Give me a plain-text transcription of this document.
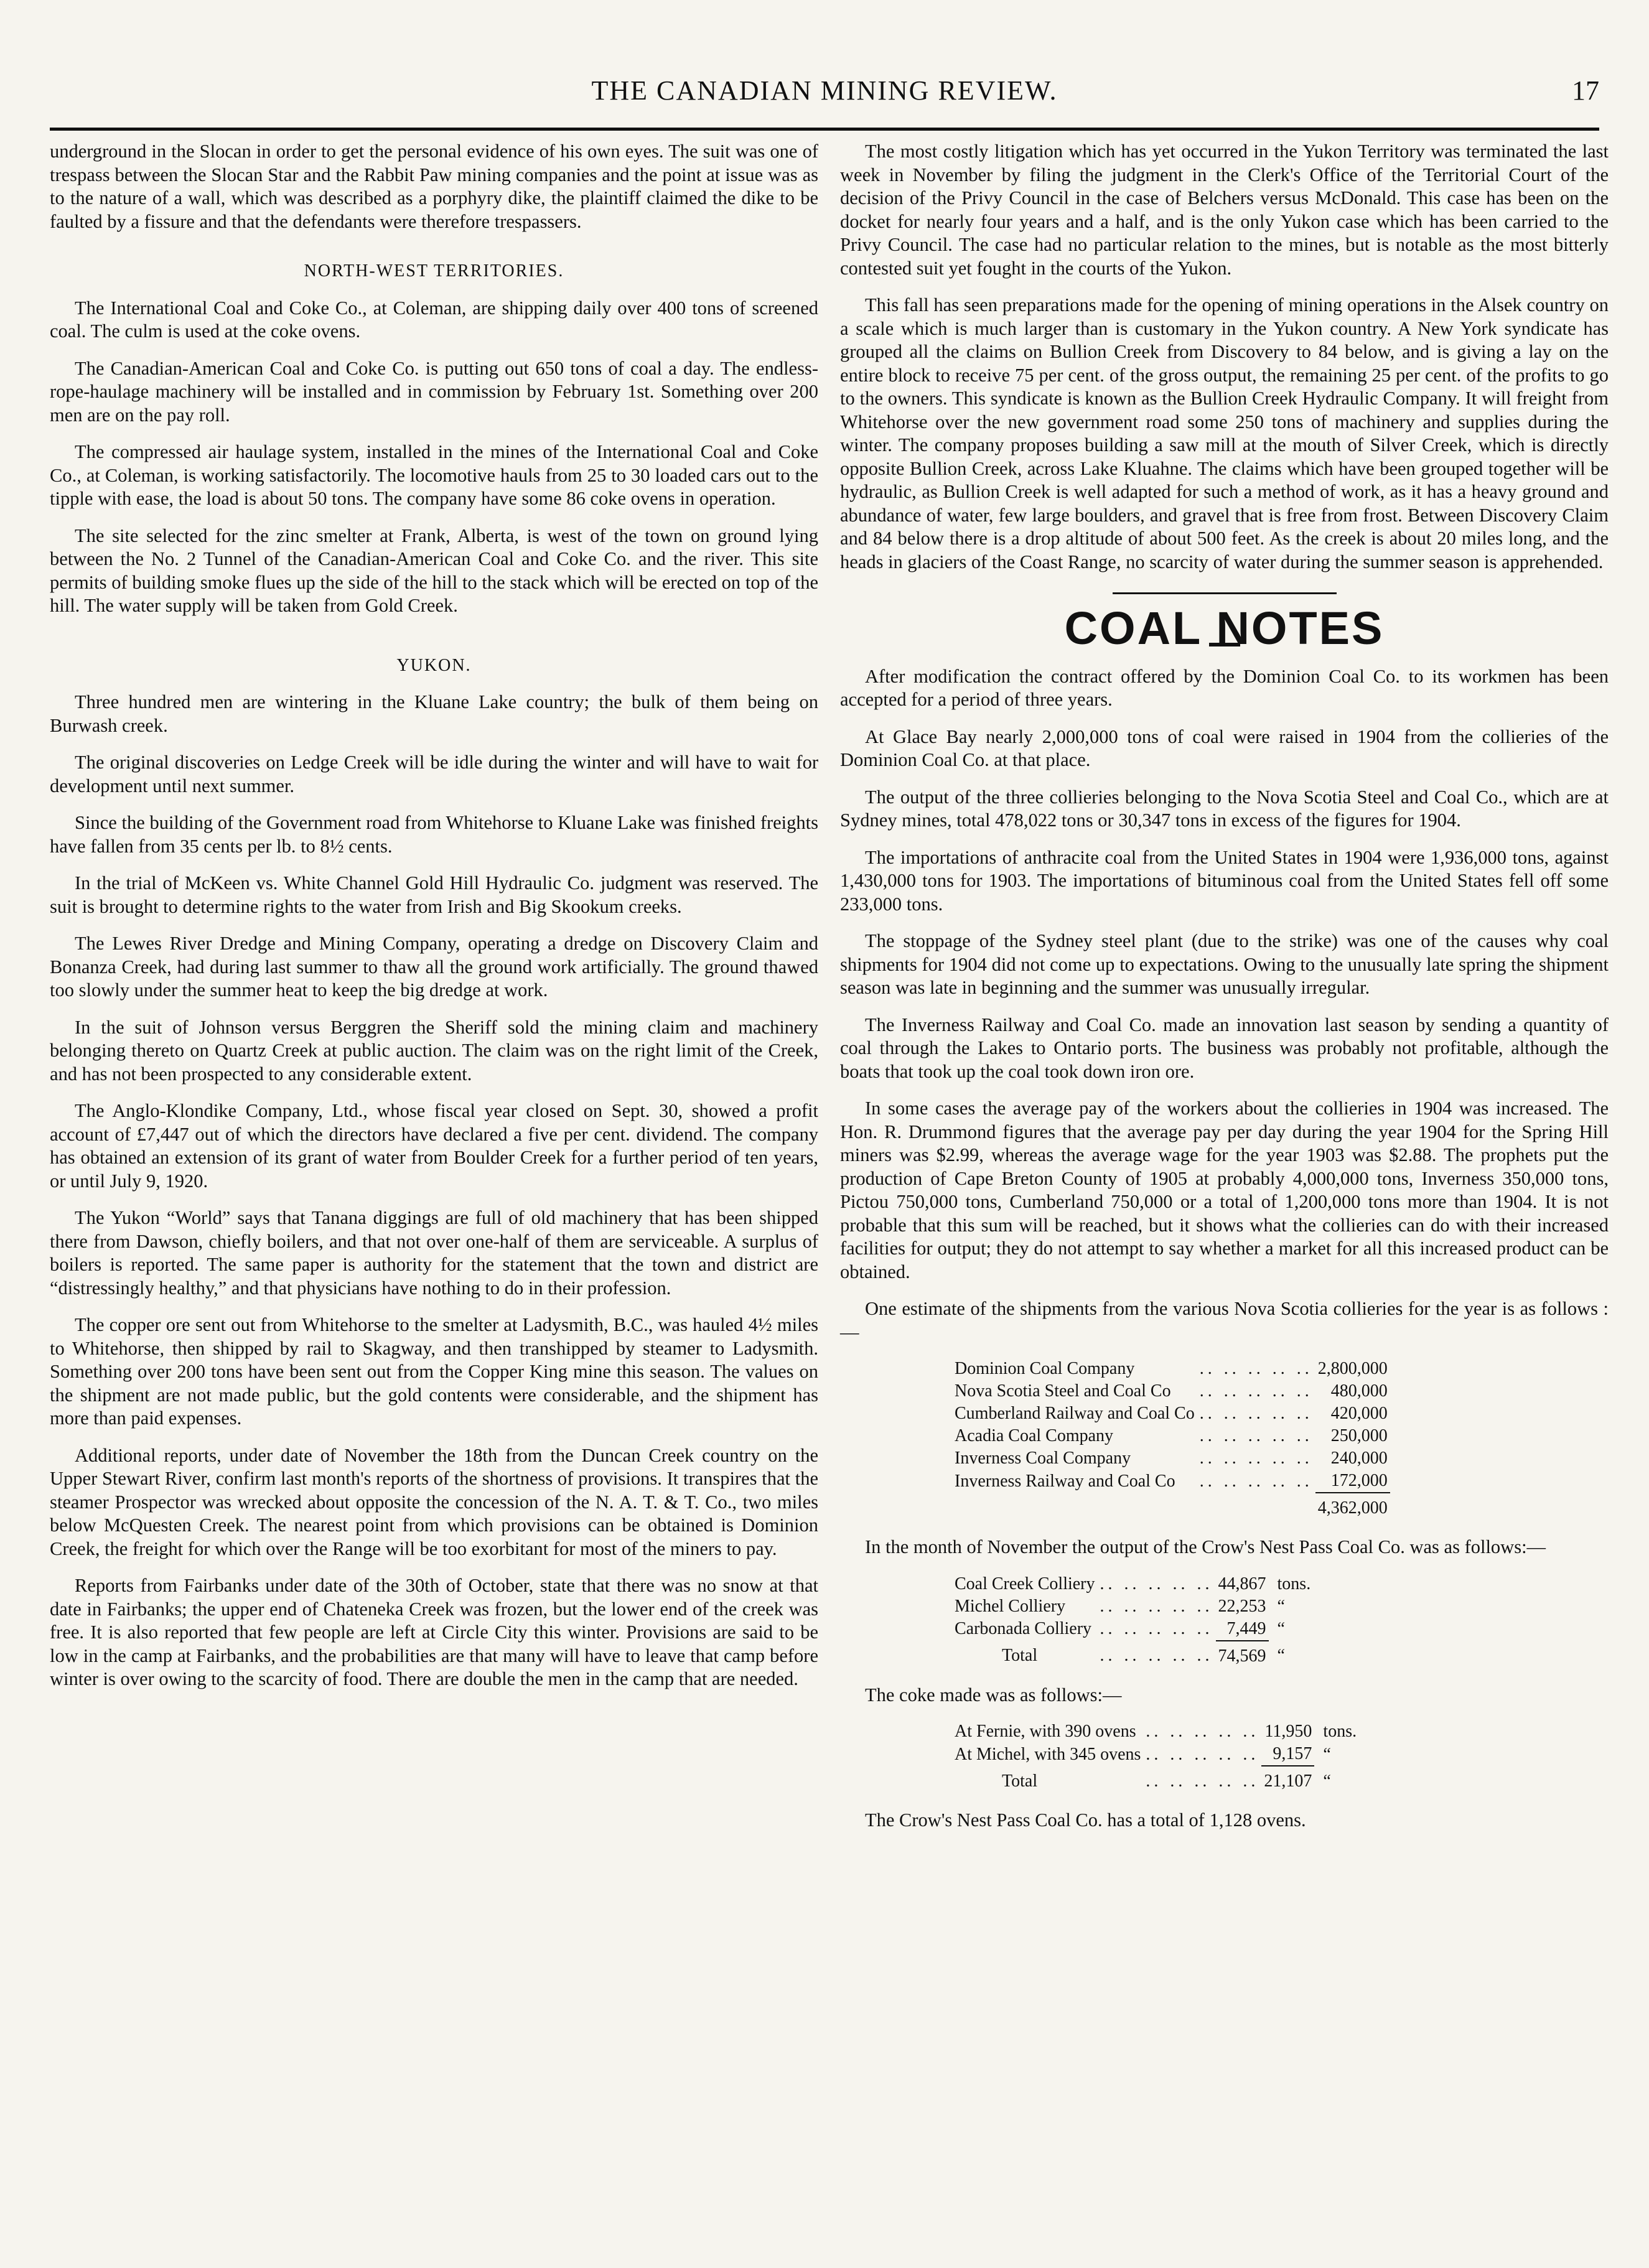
THE CANADIAN MINING REVIEW.	17

underground in the Slocan in order to get the personal evidence of his own eyes. The suit was one of trespass between the Slocan Star and the Rabbit Paw mining companies and the point at issue was as to the nature of a wall, which was described as a porphyry dike, the plaintiff claimed the dike to be faulted by a fissure and that the defendants were therefore trespassers.

NORTH-WEST TERRITORIES.

The International Coal and Coke Co., at Coleman, are shipping daily over 400 tons of screened coal. The culm is used at the coke ovens.

The Canadian-American Coal and Coke Co. is putting out 650 tons of coal a day. The endless-rope-haulage machinery will be installed and in commission by February 1st. Something over 200 men are on the pay roll.

The compressed air haulage system, installed in the mines of the International Coal and Coke Co., at Coleman, is working satisfactorily. The locomotive hauls from 25 to 30 loaded cars out to the tipple with ease, the load is about 50 tons. The company have some 86 coke ovens in operation.

The site selected for the zinc smelter at Frank, Alberta, is west of the town on ground lying between the No. 2 Tunnel of the Canadian-American Coal and Coke Co. and the river. This site permits of building smoke flues up the side of the hill to the stack which will be erected on top of the hill. The water supply will be taken from Gold Creek.

YUKON.

Three hundred men are wintering in the Kluane Lake country; the bulk of them being on Burwash creek.

The original discoveries on Ledge Creek will be idle during the winter and will have to wait for development until next summer.

Since the building of the Government road from Whitehorse to Kluane Lake was finished freights have fallen from 35 cents per lb. to 8½ cents.

In the trial of McKeen vs. White Channel Gold Hill Hydraulic Co. judgment was reserved. The suit is brought to determine rights to the water from Irish and Big Skookum creeks.

The Lewes River Dredge and Mining Company, operating a dredge on Discovery Claim and Bonanza Creek, had during last summer to thaw all the ground work artificially. The ground thawed too slowly under the summer heat to keep the big dredge at work.

In the suit of Johnson versus Berggren the Sheriff sold the mining claim and machinery belonging thereto on Quartz Creek at public auction. The claim was on the right limit of the Creek, and has not been prospected to any considerable extent.

The Anglo-Klondike Company, Ltd., whose fiscal year closed on Sept. 30, showed a profit account of £7,447 out of which the directors have declared a five per cent. dividend. The company has obtained an extension of its grant of water from Boulder Creek for a further period of ten years, or until July 9, 1920.

The Yukon “World” says that Tanana diggings are full of old machinery that has been shipped there from Dawson, chiefly boilers, and that not over one-half of them are serviceable. A surplus of boilers is reported. The same paper is authority for the statement that the town and district are “distressingly healthy,” and that physicians have nothing to do in their profession.

The copper ore sent out from Whitehorse to the smelter at Ladysmith, B.C., was hauled 4½ miles to Whitehorse, then shipped by rail to Skagway, and then transhipped by steamer to Ladysmith. Something over 200 tons have been sent out from the Copper King mine this season. The values on the shipment are not made public, but the gold contents were considerable, and the shipment has more than paid expenses.

Additional reports, under date of November the 18th from the Duncan Creek country on the Upper Stewart River, confirm last month's reports of the shortness of provisions. It transpires that the steamer Prospector was wrecked about opposite the concession of the N. A. T. & T. Co., two miles below McQuesten Creek. The nearest point from which provisions can be obtained is Dominion Creek, the freight for which over the Range will be too exorbitant for most of the miners to pay.

Reports from Fairbanks under date of the 30th of October, state that there was no snow at that date in Fairbanks; the upper end of Chateneka Creek was frozen, but the lower end of the creek was free. It is also reported that few people are left at Circle City this winter. Provisions are said to be low in the camp at Fairbanks, and the probabilities are that many will have to leave that camp before winter is over owing to the scarcity of food. There are double the men in the camp that are needed.

The most costly litigation which has yet occurred in the Yukon Territory was terminated the last week in November by filing the judgment in the Clerk's Office of the Territorial Court of the decision of the Privy Council in the case of Belchers versus McDonald. This case has been on the docket for nearly four years and a half, and is the only Yukon case which has been carried to the Privy Council. The case had no particular relation to the mines, but is notable as the most bitterly contested suit yet fought in the courts of the Yukon.

This fall has seen preparations made for the opening of mining operations in the Alsek country on a scale which is much larger than is customary in the Yukon country. A New York syndicate has grouped all the claims on Bullion Creek from Discovery to 84 below, and is giving a lay on the entire block to receive 75 per cent. of the gross output, the remaining 25 per cent. of the profits to go to the owners. This syndicate is known as the Bullion Creek Hydraulic Company. It will freight from Whitehorse over the new government road some 250 tons of machinery and supplies during the winter. The company proposes building a saw mill at the mouth of Silver Creek, which is directly opposite Bullion Creek, across Lake Kluahne. The claims which have been grouped together will be hydraulic, as Bullion Creek is well adapted for such a method of work, as it has a heavy ground and abundance of water, few large boulders, and gravel that is free from frost. Between Discovery Claim and 84 below there is a drop altitude of about 500 feet. As the creek is about 20 miles long, and the heads in glaciers of the Coast Range, no scarcity of water during the summer season is apprehended.

COAL NOTES

After modification the contract offered by the Dominion Coal Co. to its workmen has been accepted for a period of three years.

At Glace Bay nearly 2,000,000 tons of coal were raised in 1904 from the collieries of the Dominion Coal Co. at that place.

The output of the three collieries belonging to the Nova Scotia Steel and Coal Co., which are at Sydney mines, total 478,022 tons or 30,347 tons in excess of the figures for 1904.

The importations of anthracite coal from the United States in 1904 were 1,936,000 tons, against 1,430,000 tons for 1903. The importations of bituminous coal from the United States fell off some 233,000 tons.

The stoppage of the Sydney steel plant (due to the strike) was one of the causes why coal shipments for 1904 did not come up to expectations. Owing to the unusually late spring the shipment season was late in beginning and the summer was unusually irregular.

The Inverness Railway and Coal Co. made an innovation last season by sending a quantity of coal through the Lakes to Ontario ports. The business was probably not profitable, although the boats that took up the coal took down iron ore.

In some cases the average pay of the workers about the collieries in 1904 was increased. The Hon. R. Drummond figures that the average pay per day during the year 1904 for the Spring Hill miners was $2.99, whereas the average wage for the year 1903 was $2.88. The prophets put the production of Cape Breton County of 1905 at probably 4,000,000 tons, Inverness 350,000 tons, Pictou 750,000 tons, Cumberland 750,000 or a total of 1,200,000 tons more than 1904. It is not probable that this sum will be reached, but it shows what the collieries can do with their increased facilities for output; they do not attempt to say whether a market for all this increased product can be obtained.

One estimate of the shipments from the various Nova Scotia collieries for the year is as follows :—

Dominion Coal Company	.. .. .. .. ..	2,800,000
Nova Scotia Steel and Coal Co	.. .. .. .. ..	480,000
Cumberland Railway and Coal Co	.. .. .. .. ..	420,000
Acadia Coal Company	.. .. .. .. ..	250,000
Inverness Coal Company	.. .. .. .. ..	240,000
Inverness Railway and Coal Co	.. .. .. .. ..	172,000
		4,362,000

In the month of November the output of the Crow's Nest Pass Coal Co. was as follows:—

Coal Creek Colliery	.. .. .. .. ..	44,867	tons.
Michel Colliery	.. .. .. .. ..	22,253	“
Carbonada Colliery	.. .. .. .. ..	7,449	“
Total	.. .. .. .. ..	74,569	“

The coke made was as follows:—

At Fernie, with 390 ovens	.. .. .. .. ..	11,950	tons.
At Michel, with 345 ovens	.. .. .. .. ..	9,157	“
Total	.. .. .. .. ..	21,107	“

The Crow's Nest Pass Coal Co. has a total of 1,128 ovens.
